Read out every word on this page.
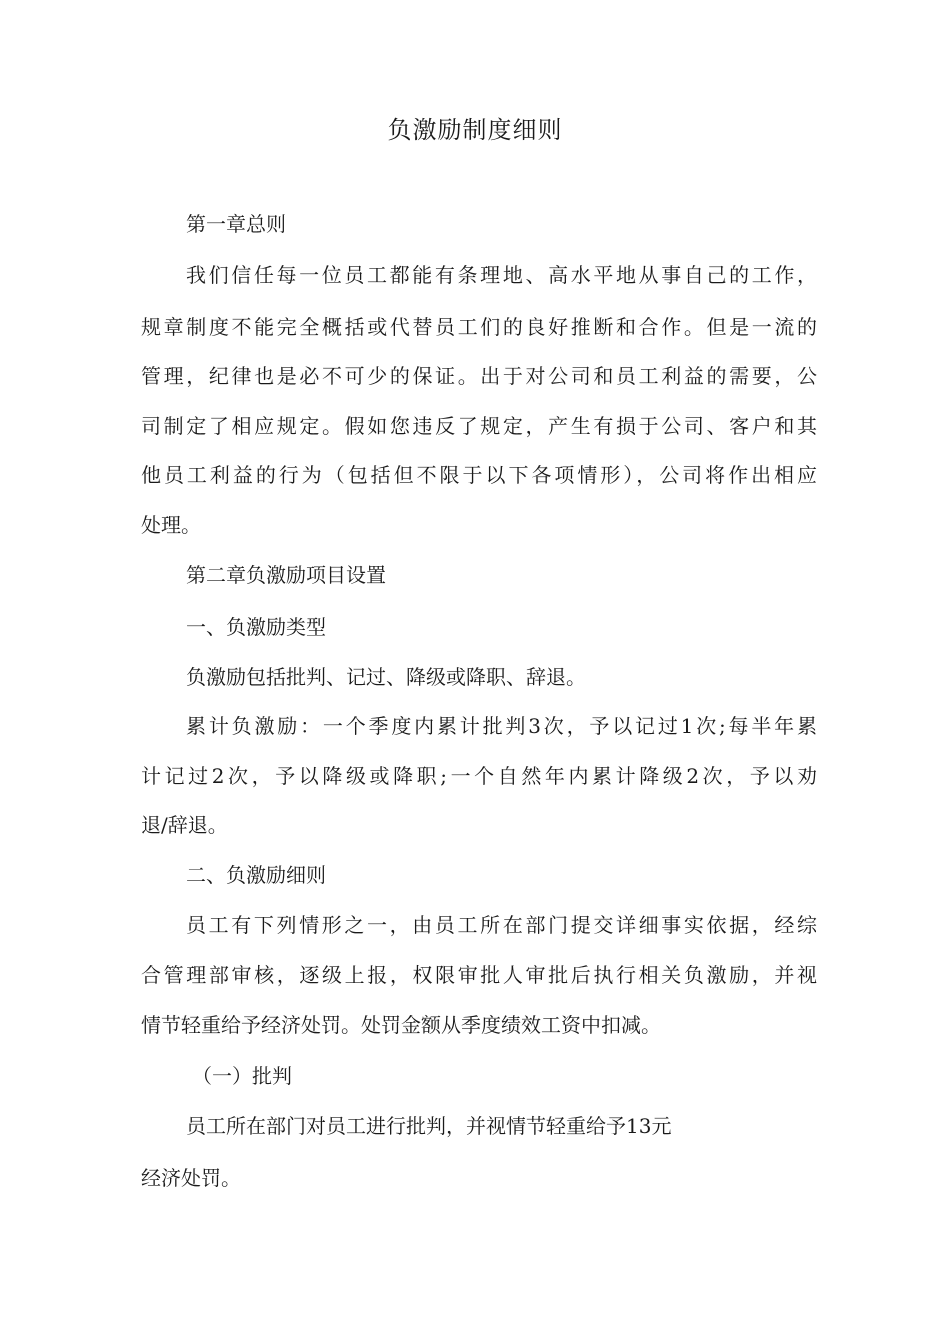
负激励制度细则
第一章总则
我们信任每一位员工都能有条理地、高水平地从事自己的工作，
规章制度不能完全概括或代替员工们的良好推断和合作。但是一流的
管理，纪律也是必不可少的保证。出于对公司和员工利益的需要，公
司制定了相应规定。假如您违反了规定，产生有损于公司、客户和其
他员工利益的行为（包括但不限于以下各项情形），公司将作出相应
处理。
第二章负激励项目设置
一、负激励类型
负激励包括批判、记过、降级或降职、辞退。
累计负激励：一个季度内累计批判3次，予以记过1次;每半年累
计记过2次，予以降级或降职;一个自然年内累计降级2次，予以劝
退/辞退。
二、负激励细则
员工有下列情形之一，由员工所在部门提交详细事实依据，经综
合管理部审核，逐级上报，权限审批人审批后执行相关负激励，并视
情节轻重给予经济处罚。处罚金额从季度绩效工资中扣减。
（一）批判
员工所在部门对员工进行批判，并视情节轻重给予13元
经济处罚。
